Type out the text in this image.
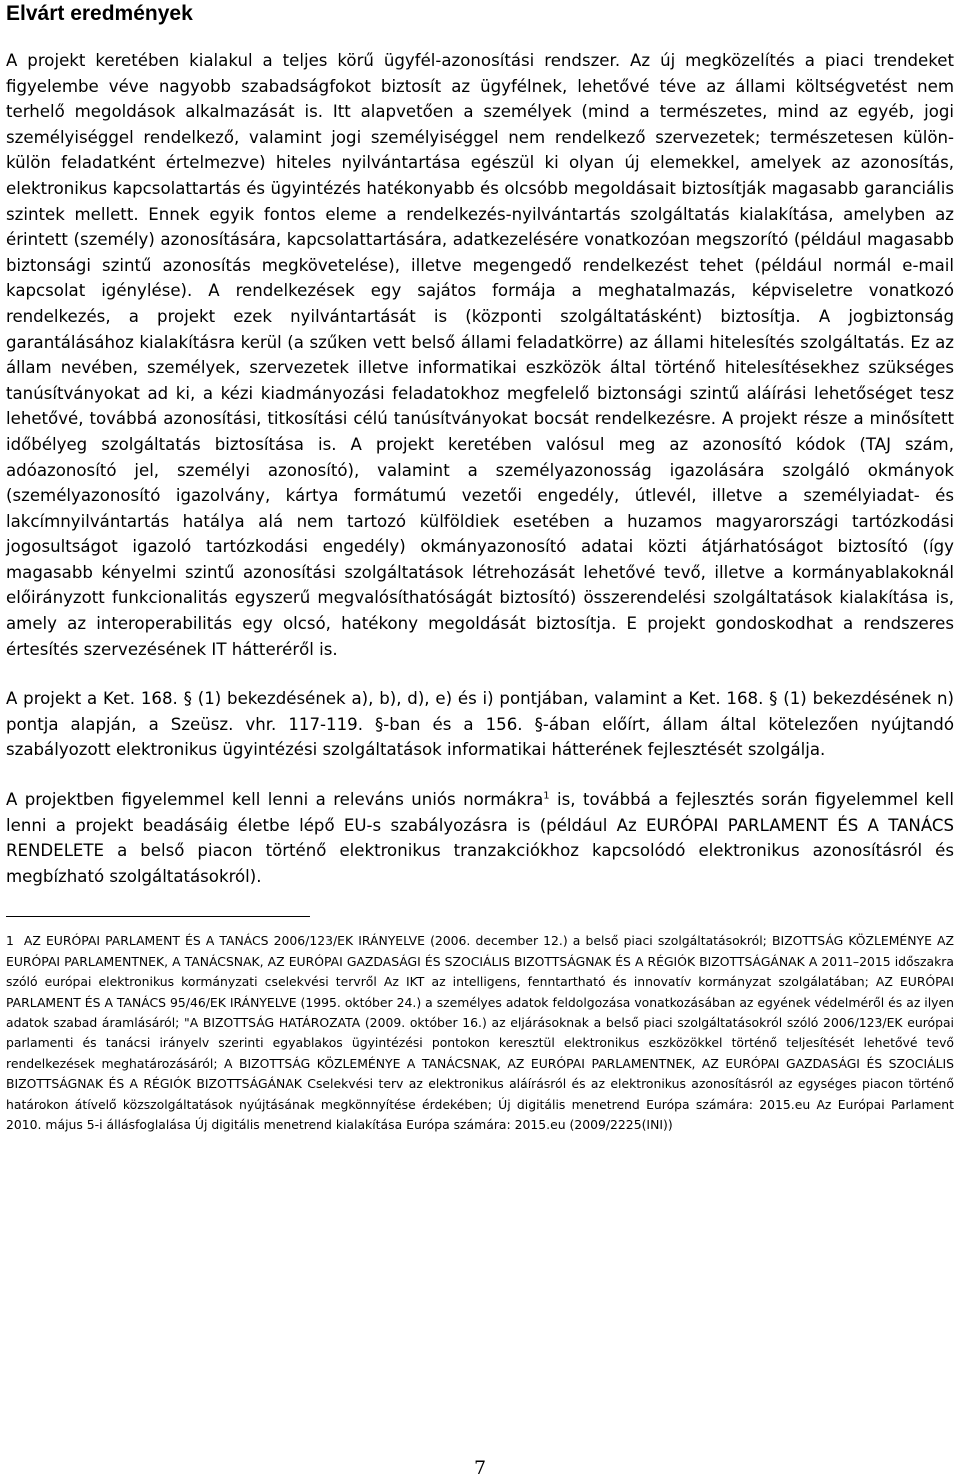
Elvárt eredmények

A projekt keretében kialakul a teljes körű ügyfél-azonosítási rendszer. Az új megközelítés a piaci trendeket figyelembe véve nagyobb szabadságfokot biztosít az ügyfélnek, lehetővé téve az állami költségvetést nem terhelő megoldások alkalmazását is. Itt alapvetően a személyek (mind a természetes, mind az egyéb, jogi személyiséggel rendelkező, valamint jogi személyiséggel nem rendelkező szervezetek; természetesen külön-külön feladatként értelmezve) hiteles nyilvántartása egészül ki olyan új elemekkel, amelyek az azonosítás, elektronikus kapcsolattartás és ügyintézés hatékonyabb és olcsóbb megoldásait biztosítják magasabb garanciális szintek mellett. Ennek egyik fontos eleme a rendelkezés-nyilvántartás szolgáltatás kialakítása, amelyben az érintett (személy) azonosítására, kapcsolattartására, adatkezelésére vonatkozóan megszorító (például magasabb biztonsági szintű azonosítás megkövetelése), illetve megengedő rendelkezést tehet (például normál e-mail kapcsolat igénylése). A rendelkezések egy sajátos formája a meghatalmazás, képviseletre vonatkozó rendelkezés, a projekt ezek nyilvántartását is (központi szolgáltatásként) biztosítja. A jogbiztonság garantálásához kialakításra kerül (a szűken vett belső állami feladatkörre) az állami hitelesítés szolgáltatás. Ez az állam nevében, személyek, szervezetek illetve informatikai eszközök által történő hitelesítésekhez szükséges tanúsítványokat ad ki, a kézi kiadmányozási feladatokhoz megfelelő biztonsági szintű aláírási lehetőséget tesz lehetővé, továbbá azonosítási, titkosítási célú tanúsítványokat bocsát rendelkezésre. A projekt része a minősített időbélyeg szolgáltatás biztosítása is. A projekt keretében valósul meg az azonosító kódok (TAJ szám, adóazonosító jel, személyi azonosító), valamint a személyazonosság igazolására szolgáló okmányok (személyazonosító igazolvány, kártya formátumú vezetői engedély, útlevél, illetve a személyiadat- és lakcímnyilvántartás hatálya alá nem tartozó külföldiek esetében a huzamos magyarországi tartózkodási jogosultságot igazoló tartózkodási engedély) okmányazonosító adatai közti átjárhatóságot biztosító (így magasabb kényelmi szintű azonosítási szolgáltatások létrehozását lehetővé tevő, illetve a kormányablakoknál előirányzott funkcionalitás egyszerű megvalósíthatóságát biztosító) összerendelési szolgáltatások kialakítása is, amely az interoperabilitás egy olcsó, hatékony megoldását biztosítja. E projekt gondoskodhat a rendszeres értesítés szervezésének IT hátteréről is.

A projekt a Ket. 168. § (1) bekezdésének a), b), d), e) és i) pontjában, valamint a Ket. 168. § (1) bekezdésének n) pontja alapján, a Szeüsz. vhr. 117-119. §-ban és a 156. §-ában előírt, állam által kötelezően nyújtandó szabályozott elektronikus ügyintézési szolgáltatások informatikai hátterének fejlesztését szolgálja.

A projektben figyelemmel kell lenni a releváns uniós normákra$^1$ is, továbbá a fejlesztés során figyelemmel kell lenni a projekt beadásáig életbe lépő EU-s szabályozásra is (például Az EURÓPAI PARLAMENT ÉS A TANÁCS RENDELETE a belső piacon történő elektronikus tranzakciókhoz kapcsolódó elektronikus azonosításról és megbízható szolgáltatásokról).

1 AZ EURÓPAI PARLAMENT ÉS A TANÁCS 2006/123/EK IRÁNYELVE (2006. december 12.) a belső piaci szolgáltatásokról; BIZOTTSÁG KÖZLEMÉNYE AZ EURÓPAI PARLAMENTNEK, A TANÁCSNAK, AZ EURÓPAI GAZDASÁGI ÉS SZOCIÁLIS BIZOTTSÁGNAK ÉS A RÉGIÓK BIZOTTSÁGÁNAK A 2011–2015 időszakra szóló európai elektronikus kormányzati cselekvési tervről Az IKT az intelligens, fenntartható és innovatív kormányzat szolgálatában; AZ EURÓPAI PARLAMENT ÉS A TANÁCS 95/46/EK IRÁNYELVE (1995. október 24.) a személyes adatok feldolgozása vonatkozásában az egyének védelméről és az ilyen adatok szabad áramlásáról; "A BIZOTTSÁG HATÁROZATA (2009. október 16.) az eljárásoknak a belső piaci szolgáltatásokról szóló 2006/123/EK európai parlamenti és tanácsi irányelv szerinti egyablakos ügyintézési pontokon keresztül elektronikus eszközökkel történő teljesítését lehetővé tevő rendelkezések meghatározásáról; A BIZOTTSÁG KÖZLEMÉNYE A TANÁCSNAK, AZ EURÓPAI PARLAMENTNEK, AZ EURÓPAI GAZDASÁGI ÉS SZOCIÁLIS BIZOTTSÁGNAK ÉS A RÉGIÓK BIZOTTSÁGÁNAK Cselekvési terv az elektronikus aláírásról és az elektronikus azonosításról az egységes piacon történő határokon átívelő közszolgáltatások nyújtásának megkönnyítése érdekében; Új digitális menetrend Európa számára: 2015.eu Az Európai Parlament 2010. május 5-i állásfoglalása Új digitális menetrend kialakítása Európa számára: 2015.eu (2009/2225(INI))

7
